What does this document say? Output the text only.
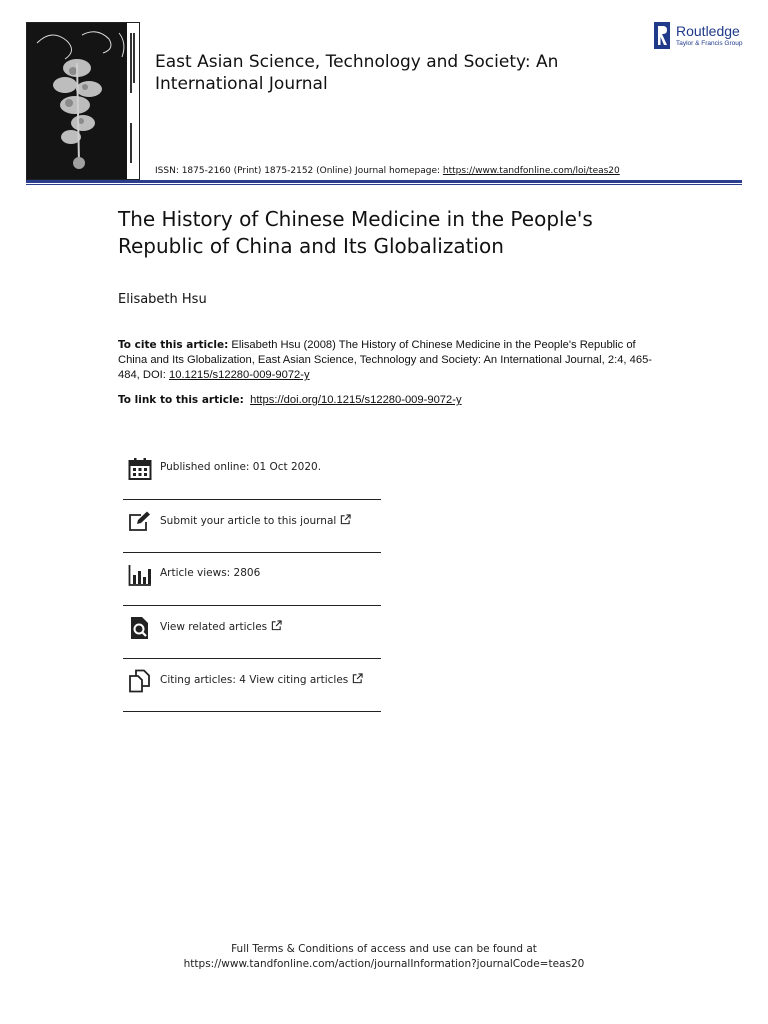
East Asian Science, Technology and Society: An International Journal
Routledge
Taylor & Francis Group
ISSN: 1875-2160 (Print) 1875-2152 (Online) Journal homepage: https://www.tandfonline.com/loi/teas20
The History of Chinese Medicine in the People's Republic of China and Its Globalization
Elisabeth Hsu
To cite this article: Elisabeth Hsu (2008) The History of Chinese Medicine in the People's Republic of China and Its Globalization, East Asian Science, Technology and Society: An International Journal, 2:4, 465-484, DOI: 10.1215/s12280-009-9072-y
To link to this article: https://doi.org/10.1215/s12280-009-9072-y
Published online: 01 Oct 2020.
Submit your article to this journal
Article views: 2806
View related articles
Citing articles: 4 View citing articles
Full Terms & Conditions of access and use can be found at
https://www.tandfonline.com/action/journalInformation?journalCode=teas20
